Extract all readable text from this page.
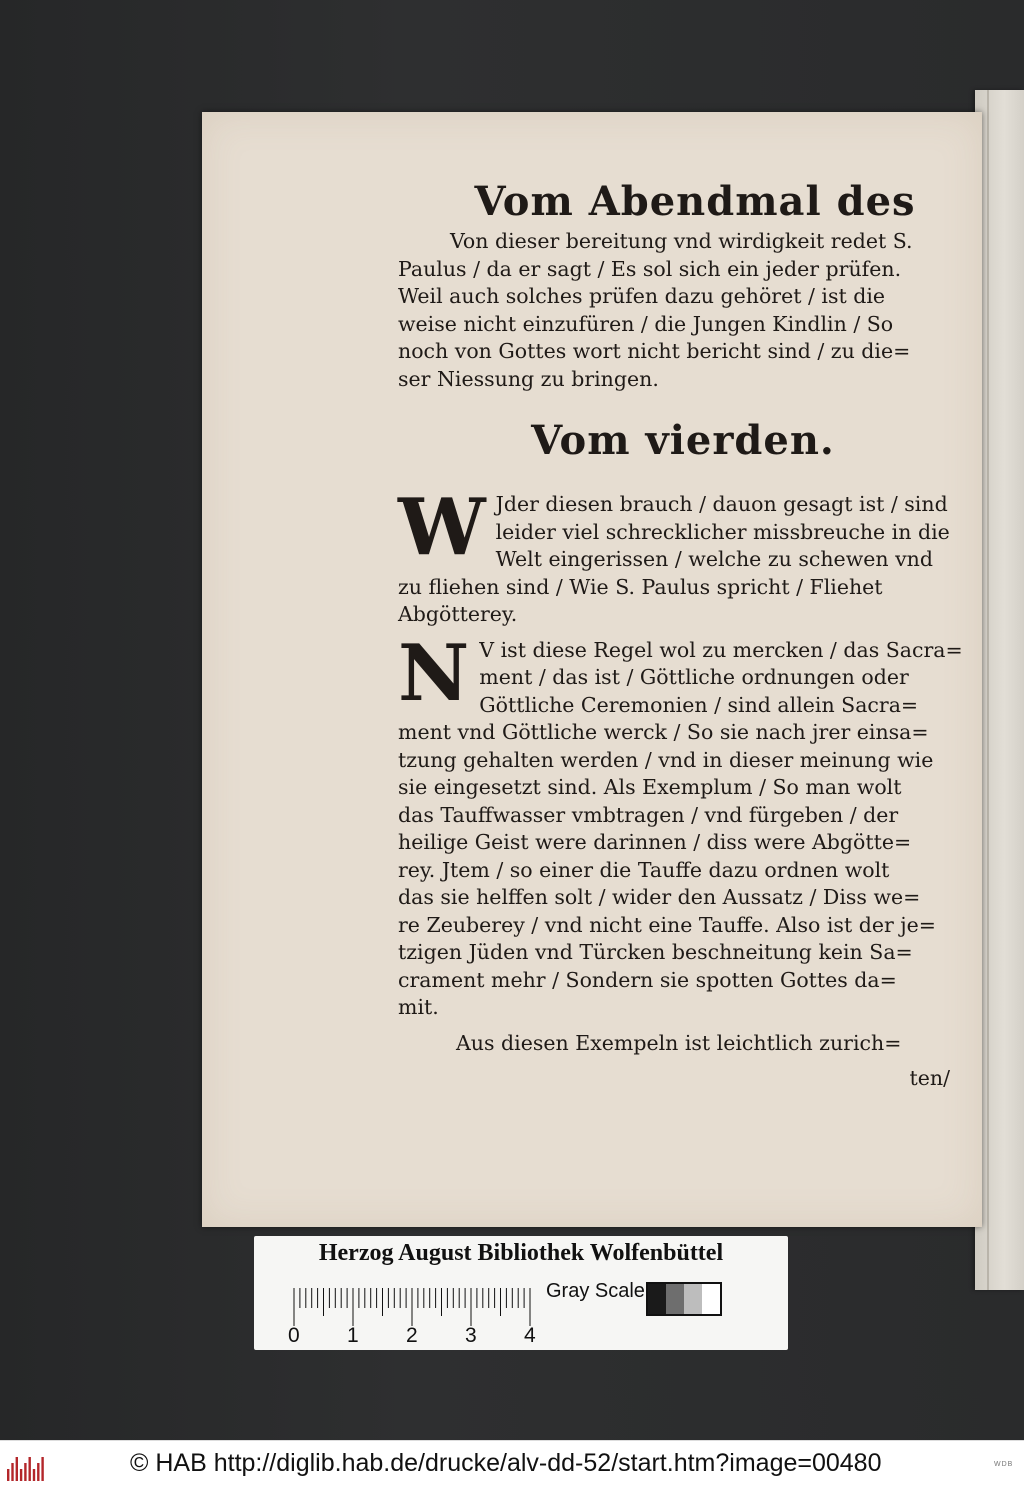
Vom Abendmal des

Von dieser bereitung vnd wirdigkeit redet S.
Paulus / da er sagt / Es sol sich ein jeder prüfen.
Weil auch solches prüfen dazu gehöret / ist die
weise nicht einzufüren / die Jungen Kindlin / So
noch von Gottes wort nicht bericht sind / zu die=
ser Niessung zu bringen.

Vom vierden.

W Jder diesen brauch / dauon gesagt ist / sind
leider viel schrecklicher missbreuche in die
Welt eingerissen / welche zu schewen vnd
zu fliehen sind / Wie S. Paulus spricht / Fliehet
Abgötterey.

N V ist diese Regel wol zu mercken / das Sacra=
ment / das ist / Göttliche ordnungen oder
Göttliche Ceremonien / sind allein Sacra=
ment vnd Göttliche werck / So sie nach jrer einsa=
tzung gehalten werden / vnd in dieser meinung wie
sie eingesetzt sind. Als Exemplum / So man wolt
das Tauffwasser vmbtragen / vnd fürgeben / der
heilige Geist were darinnen / diss were Abgötte=
rey. Jtem / so einer die Tauffe dazu ordnen wolt
das sie helffen solt / wider den Aussatz / Diss we=
re Zeuberey / vnd nicht eine Tauffe. Also ist der je=
tzigen Jüden vnd Türcken beschneitung kein Sa=
crament mehr / Sondern sie spotten Gottes da=
mit.

Aus diesen Exempeln ist leichtlich zurich=

ten/

Herzog August Bibliothek Wolfenbüttel
0 1 2 3 4
Gray Scale
© HAB http://diglib.hab.de/drucke/alv-dd-52/start.htm?image=00480	WDB
